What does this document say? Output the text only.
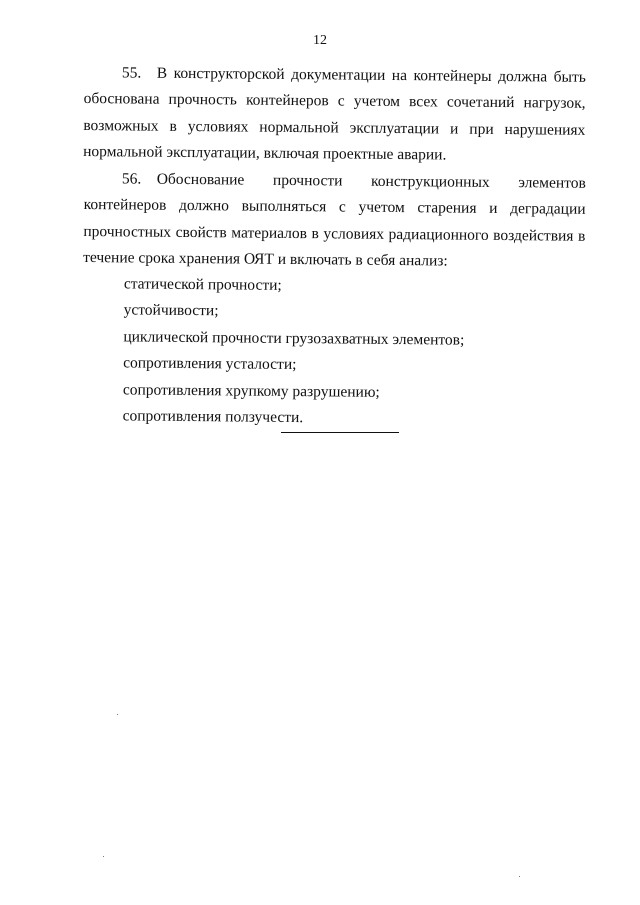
12

55. В конструкторской документации на контейнеры должна быть обоснована прочность контейнеров с учетом всех сочетаний нагрузок, возможных в условиях нормальной эксплуатации и при нарушениях нормальной эксплуатации, включая проектные аварии.

56. Обоснование прочности конструкционных элементов контейнеров должно выполняться с учетом старения и деградации прочностных свойств материалов в условиях радиационного воздействия в течение срока хранения ОЯТ и включать в себя анализ:

статической прочности;
устойчивости;
циклической прочности грузозахватных элементов;
сопротивления усталости;
сопротивления хрупкому разрушению;
сопротивления ползучести.
